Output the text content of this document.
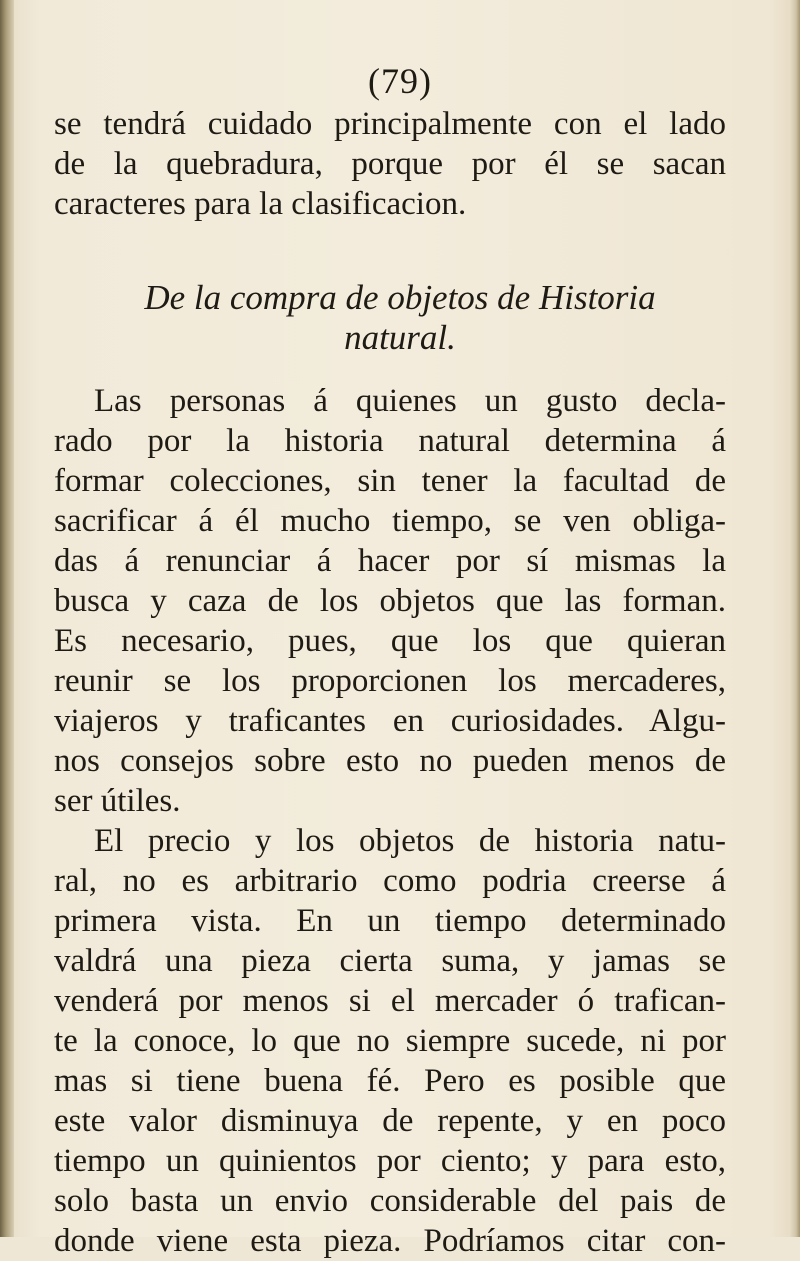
(79)
se tendrá cuidado principalmente con el lado
de la quebradura, porque por él se sacan
caracteres para la clasificacion.
De la compra de objetos de Historia
natural.
Las personas á quienes un gusto decla-
rado por la historia natural determina á
formar colecciones, sin tener la facultad de
sacrificar á él mucho tiempo, se ven obliga-
das á renunciar á hacer por sí mismas la
busca y caza de los objetos que las forman.
Es necesario, pues, que los que quieran
reunir se los proporcionen los mercaderes,
viajeros y traficantes en curiosidades. Algu-
nos consejos sobre esto no pueden menos de
ser útiles.
El precio y los objetos de historia natu-
ral, no es arbitrario como podria creerse á
primera vista. En un tiempo determinado
valdrá una pieza cierta suma, y jamas se
venderá por menos si el mercader ó trafican-
te la conoce, lo que no siempre sucede, ni por
mas si tiene buena fé. Pero es posible que
este valor disminuya de repente, y en poco
tiempo un quinientos por ciento; y para esto,
solo basta un envio considerable del pais de
donde viene esta pieza. Podríamos citar con-
